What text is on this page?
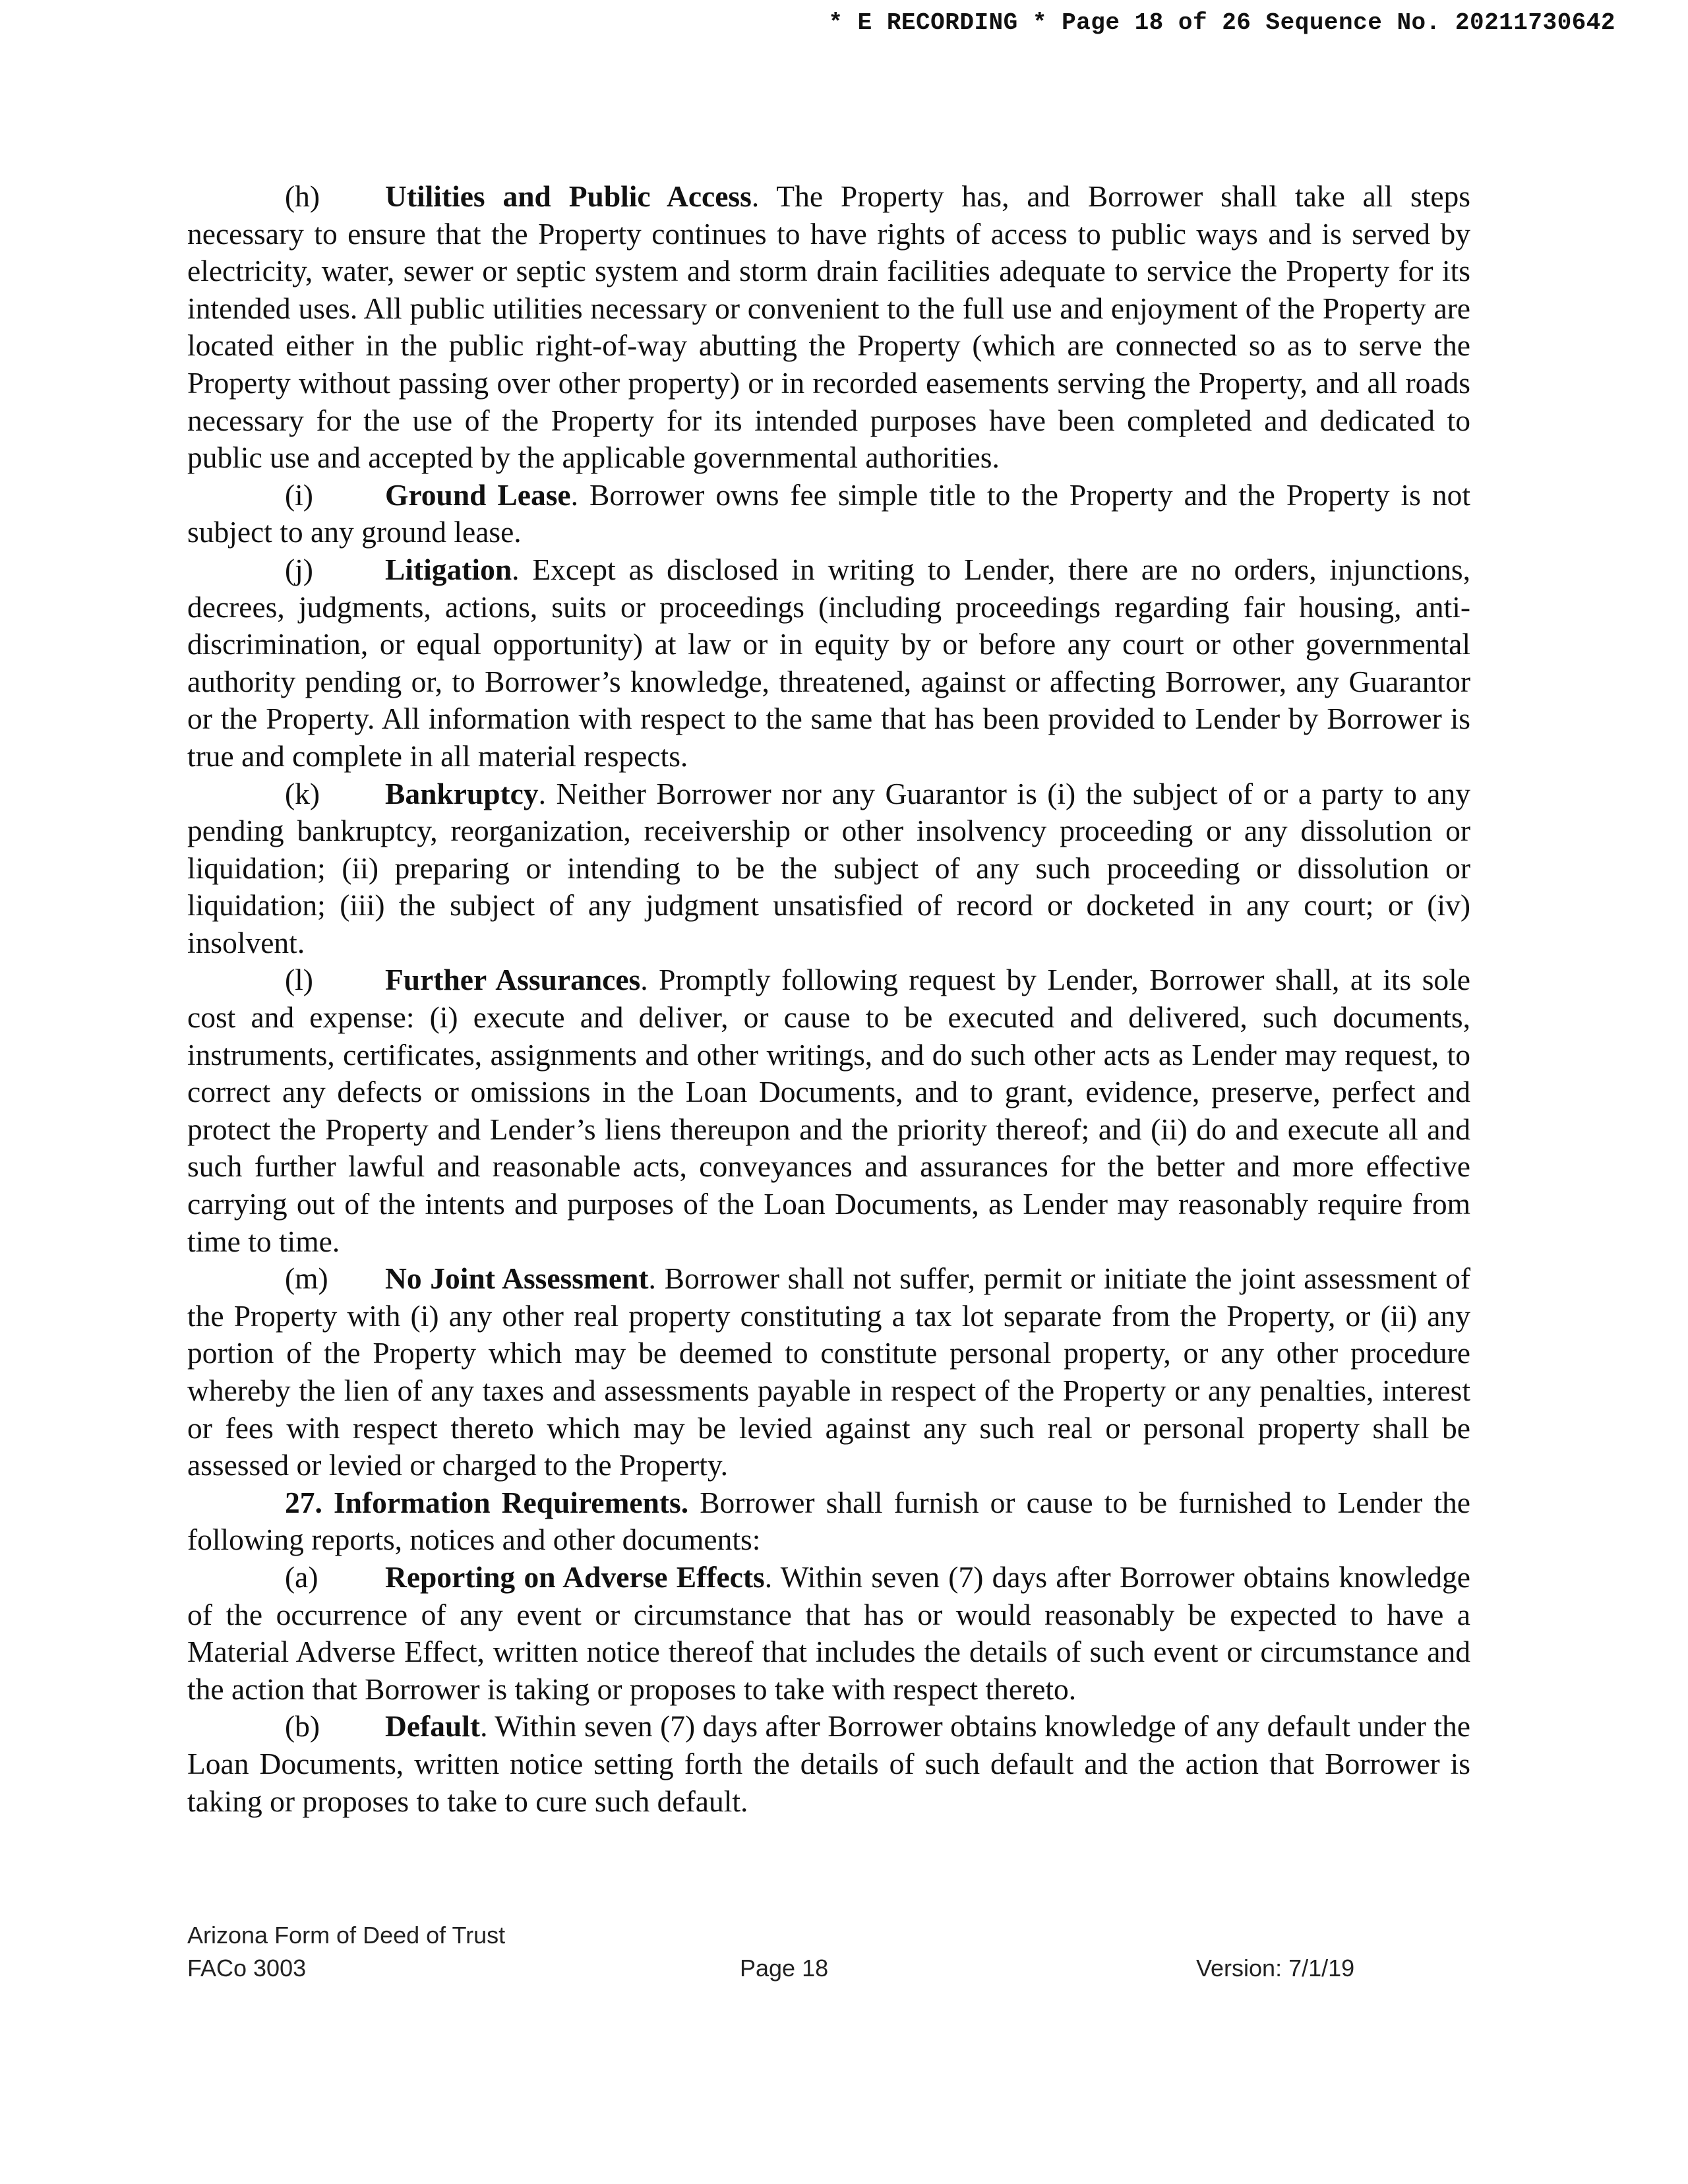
* E RECORDING * Page 18 of 26 Sequence No. 20211730642

(h) Utilities and Public Access. The Property has, and Borrower shall take all steps necessary to ensure that the Property continues to have rights of access to public ways and is served by electricity, water, sewer or septic system and storm drain facilities adequate to service the Property for its intended uses. All public utilities necessary or convenient to the full use and enjoyment of the Property are located either in the public right-of-way abutting the Property (which are connected so as to serve the Property without passing over other property) or in recorded easements serving the Property, and all roads necessary for the use of the Property for its intended purposes have been completed and dedicated to public use and accepted by the applicable governmental authorities.

(i) Ground Lease. Borrower owns fee simple title to the Property and the Property is not subject to any ground lease.

(j) Litigation. Except as disclosed in writing to Lender, there are no orders, injunctions, decrees, judgments, actions, suits or proceedings (including proceedings regarding fair housing, anti-discrimination, or equal opportunity) at law or in equity by or before any court or other governmental authority pending or, to Borrower’s knowledge, threatened, against or affecting Borrower, any Guarantor or the Property. All information with respect to the same that has been provided to Lender by Borrower is true and complete in all material respects.

(k) Bankruptcy. Neither Borrower nor any Guarantor is (i) the subject of or a party to any pending bankruptcy, reorganization, receivership or other insolvency proceeding or any dissolution or liquidation; (ii) preparing or intending to be the subject of any such proceeding or dissolution or liquidation; (iii) the subject of any judgment unsatisfied of record or docketed in any court; or (iv) insolvent.

(l) Further Assurances. Promptly following request by Lender, Borrower shall, at its sole cost and expense: (i) execute and deliver, or cause to be executed and delivered, such documents, instruments, certificates, assignments and other writings, and do such other acts as Lender may request, to correct any defects or omissions in the Loan Documents, and to grant, evidence, preserve, perfect and protect the Property and Lender’s liens thereupon and the priority thereof; and (ii) do and execute all and such further lawful and reasonable acts, conveyances and assurances for the better and more effective carrying out of the intents and purposes of the Loan Documents, as Lender may reasonably require from time to time.

(m) No Joint Assessment. Borrower shall not suffer, permit or initiate the joint assessment of the Property with (i) any other real property constituting a tax lot separate from the Property, or (ii) any portion of the Property which may be deemed to constitute personal property, or any other procedure whereby the lien of any taxes and assessments payable in respect of the Property or any penalties, interest or fees with respect thereto which may be levied against any such real or personal property shall be assessed or levied or charged to the Property.

27. Information Requirements. Borrower shall furnish or cause to be furnished to Lender the following reports, notices and other documents:

(a) Reporting on Adverse Effects. Within seven (7) days after Borrower obtains knowledge of the occurrence of any event or circumstance that has or would reasonably be expected to have a Material Adverse Effect, written notice thereof that includes the details of such event or circumstance and the action that Borrower is taking or proposes to take with respect thereto.

(b) Default. Within seven (7) days after Borrower obtains knowledge of any default under the Loan Documents, written notice setting forth the details of such default and the action that Borrower is taking or proposes to take to cure such default.

Arizona Form of Deed of Trust
FACo 3003	Page 18	Version: 7/1/19
